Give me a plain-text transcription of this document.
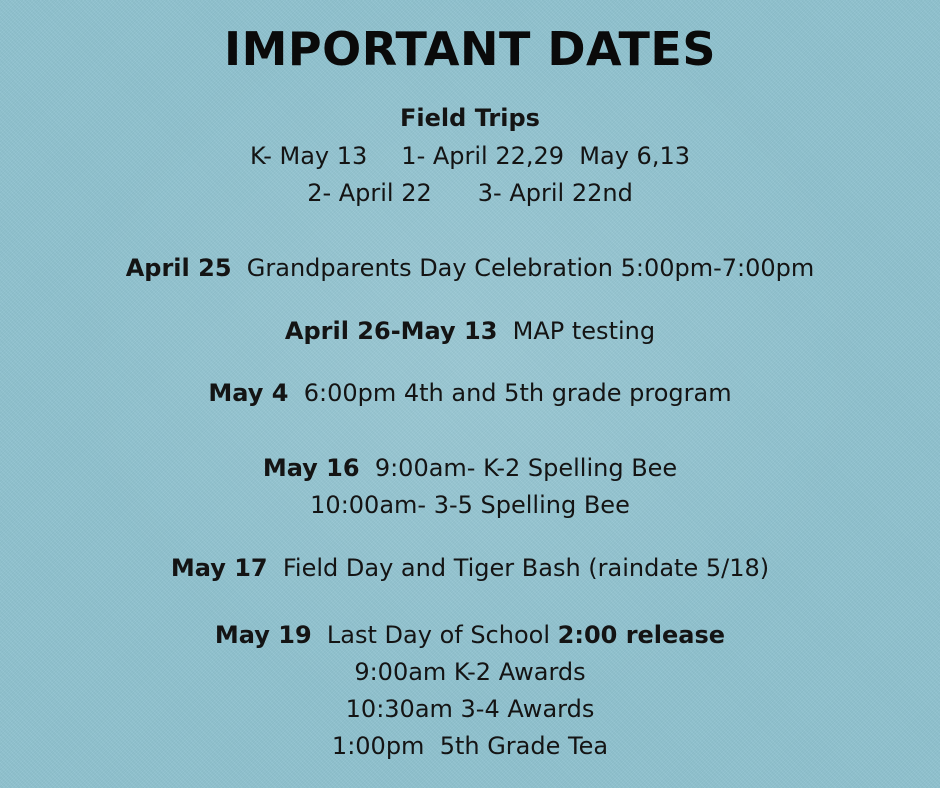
IMPORTANT DATES
Field Trips
K- May 13 1- April 22,29  May 6,13
2- April 22 3- April 22nd
April 25 Grandparents Day Celebration 5:00pm-7:00pm
April 26-May 13 MAP testing
May 4 6:00pm 4th and 5th grade program
May 16 9:00am- K-2 Spelling Bee
10:00am- 3-5 Spelling Bee
May 17 Field Day and Tiger Bash (raindate 5/18)
May 19 Last Day of School 2:00 release
9:00am K-2 Awards
10:30am 3-4 Awards
1:00pm  5th Grade Tea
